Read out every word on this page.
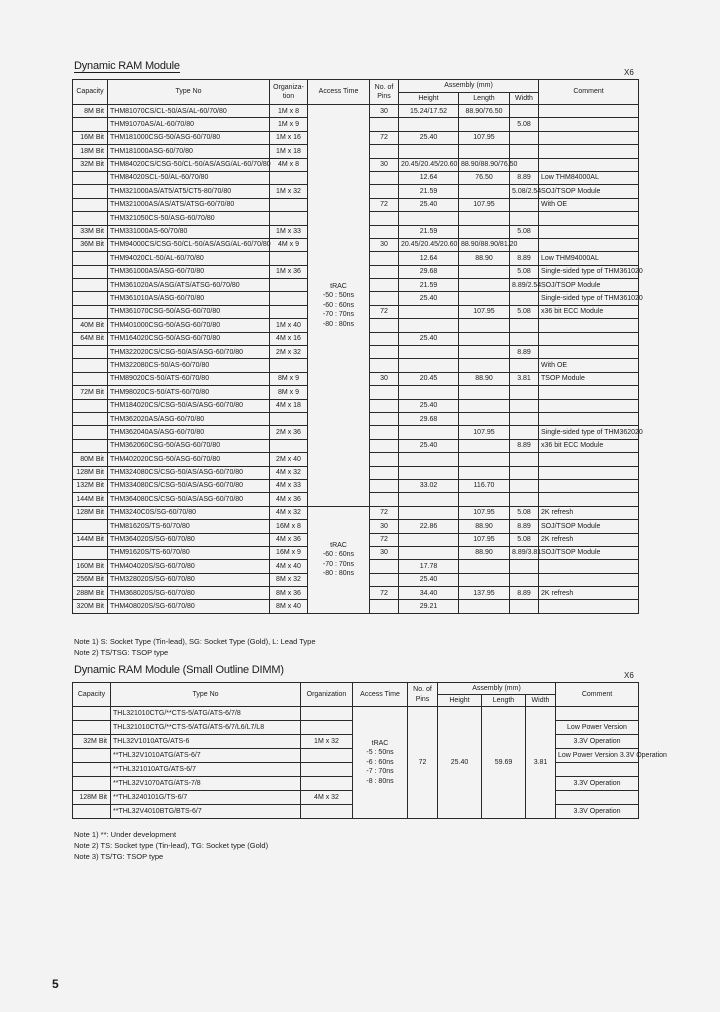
Dynamic RAM Module
X6
Capacity	Type No	Organiza-tion	Access Time	No. of Pins	Assembly (mm)			Comment
					Height	Length	Width	
8M Bit	THM81070CS/CL-50/AS/AL-60/70/80	1M x 8	tRAC
-50 : 50ns
-60 : 60ns
-70 : 70ns
-80 : 80ns	30	15.24/17.52	88.90/76.50		
	THM91070AS/AL-60/70/80	1M x 9					5.08	
16M Bit	THM181000CSG-50/ASG-60/70/80	1M x 16		72	25.40	107.95		
18M Bit	THM181000ASG-60/70/80	1M x 18						
32M Bit	THM84020CS/CSG-50/CL-50/AS/ASG/AL-60/70/80	4M x 8		30	20.45/20.45/20.60	88.90/88.90/76.50		
	THM84020SCL-50/AL-60/70/80				12.64	76.50	8.89	Low THM84000AL
	THM321000AS/AT5/AT5/CT5-80/70/80	1M x 32			21.59		5.08/2.54	SOJ/TSOP Module
	THM321000AS/AS/ATS/ATSG-60/70/80			72	25.40	107.95		With OE
	THM321050CS-50/ASG-60/70/80							
33M Bit	THM331000AS-60/70/80	1M x 33			21.59		5.08	
36M Bit	THM94000CS/CSG-50/CL-50/AS/ASG/AL-60/70/80	4M x 9		30	20.45/20.45/20.60	88.90/88.90/81.20		
	THM94020CL-50/AL-60/70/80				12.64	88.90	8.89	Low THM94000AL
	THM361000AS/ASG-60/70/80	1M x 36			29.68		5.08	Single-sided type of THM361020
	THM361020AS/ASG/ATS/ATSG-60/70/80				21.59		8.89/2.54	SOJ/TSOP Module
	THM361010AS/ASG-60/70/80				25.40			Single-sided type of THM361020
	THM361070CSG-50/ASG-60/70/80			72		107.95	5.08	x36 bit ECC Module
40M Bit	THM401000CSG-50/ASG-60/70/80	1M x 40						
64M Bit	THM164020CSG-50/ASG-60/70/80	4M x 16			25.40			
	THM322020CS/CSG-50/AS/ASG-60/70/80	2M x 32					8.89	
	THM322080CS-50/AS-60/70/80							With OE
	THM89020CS-50/ATS-60/70/80	8M x 9		30	20.45	88.90	3.81	TSOP Module
72M Bit	THM98020CS-50/ATS-60/70/80	8M x 9						
	THM184020CS/CSG-50/AS/ASG-60/70/80	4M x 18			25.40			
	THM362020AS/ASG-60/70/80				29.68			
	THM362040AS/ASG-60/70/80	2M x 36				107.95		Single-sided type of THM362020
	THM362060CSG-50/ASG-60/70/80				25.40		8.89	x36 bit ECC Module
80M Bit	THM402020CSG-50/ASG-60/70/80	2M x 40						
128M Bit	THM324080CS/CSG-50/AS/ASG-60/70/80	4M x 32						
132M Bit	THM334080CS/CSG-50/AS/ASG-60/70/80	4M x 33			33.02	116.70		
144M Bit	THM364080CS/CSG-50/AS/ASG-60/70/80	4M x 36						
128M Bit	THM3240C0S/SG-60/70/80	4M x 32	tRAC
-60 : 60ns
-70 : 70ns
-80 : 80ns	72		107.95	5.08	2K refresh
	THM81620S/TS-60/70/80	16M x 8		30	22.86	88.90	8.89	SOJ/TSOP Module
144M Bit	THM364020S/SG-60/70/80	4M x 36		72		107.95	5.08	2K refresh
	THM91620S/TS-60/70/80	16M x 9		30		88.90	8.89/3.81	SOJ/TSOP Module
160M Bit	THM404020S/SG-60/70/80	4M x 40			17.78			
256M Bit	THM328020S/SG-60/70/80	8M x 32			25.40			
288M Bit	THM368020S/SG-60/70/80	8M x 36		72	34.40	137.95	8.89	2K refresh
320M Bit	THM408020S/SG-60/70/80	8M x 40			29.21			
Note 1) S: Socket Type (Tin-lead), SG: Socket Type (Gold), L: Lead Type
Note 2) TS/TSG: TSOP type
Dynamic RAM Module (Small Outline DIMM)	X6
Capacity	Type No	Organization	Access Time	No. of Pins	Assembly (mm)			Comment
					Height	Length	Width	
	THL321010CTG/**CTS-5/ATG/ATS-6/7/8		tRAC
-5 : 50ns
-6 : 60ns
-7 : 70ns
-8 : 80ns	72	25.40	59.69	3.81	
	THL321010CTG/**CTS-5/ATG/ATS-6/7/L6/L7/L8							Low Power Version
32M Bit	THL32V1010ATG/ATS-6	1M x 32						3.3V Operation
	**THL32V1010ATG/ATS-6/7							Low Power Version 3.3V Operation
	**THL321010ATG/ATS-6/7							
	**THL32V1070ATG/ATS-7/8							3.3V Operation
128M Bit	**THL3240101G/TS-6/7	4M x 32						
	**THL32V4010BTG/BTS-6/7							3.3V Operation
Note 1) **: Under development
Note 2) TS: Socket type (Tin-lead), TG: Socket type (Gold)
Note 3) TS/TG: TSOP type
5
